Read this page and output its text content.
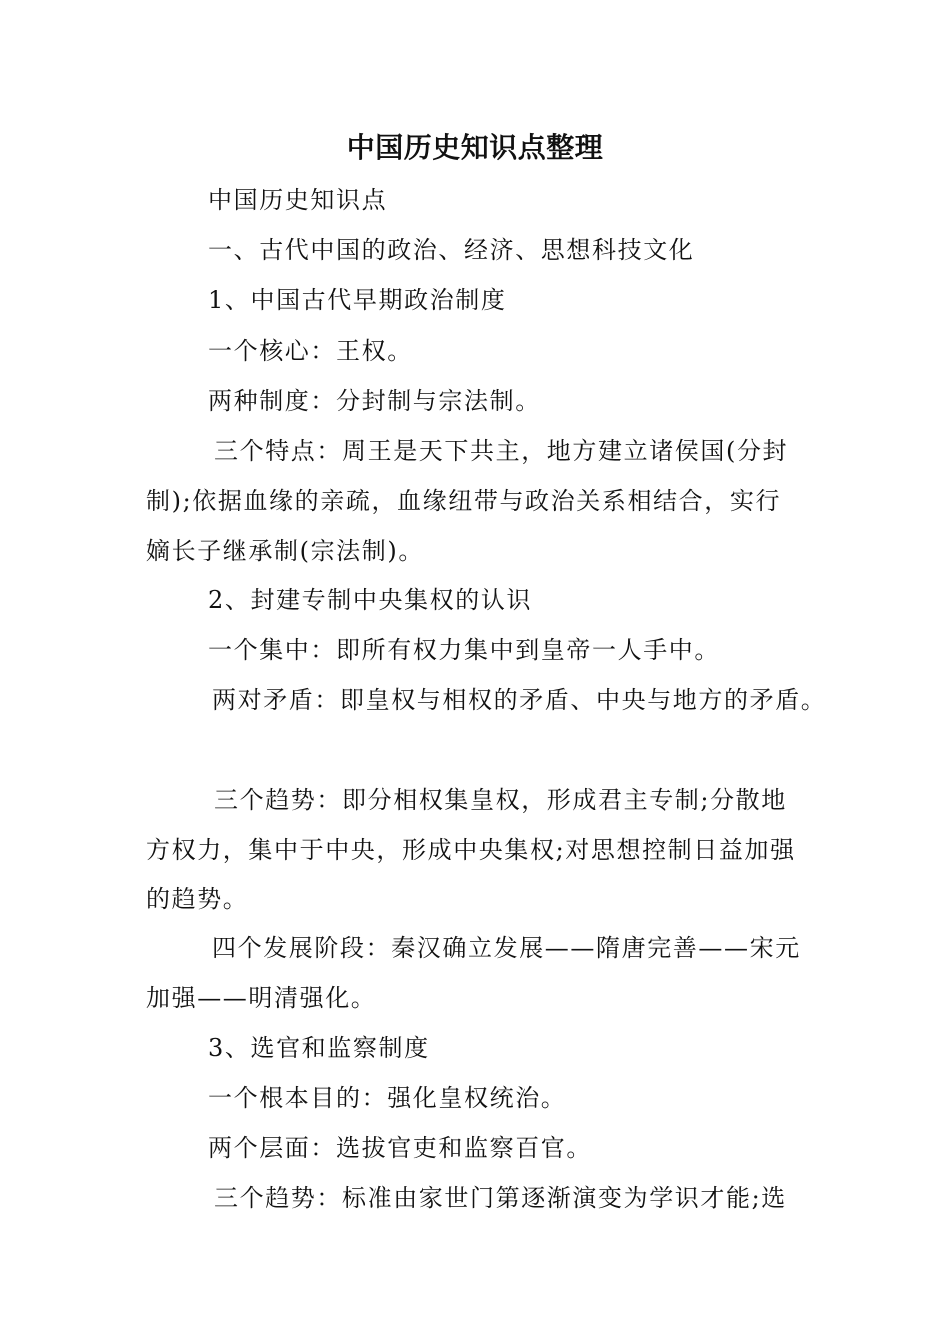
中国历史知识点整理
中国历史知识点
一、古代中国的政治、经济、思想科技文化
1、中国古代早期政治制度
一个核心：王权。
两种制度：分封制与宗法制。
三个特点：周王是天下共主，地方建立诸侯国(分封
制);依据血缘的亲疏，血缘纽带与政治关系相结合，实行
嫡长子继承制(宗法制)。
2、封建专制中央集权的认识
一个集中：即所有权力集中到皇帝一人手中。
两对矛盾：即皇权与相权的矛盾、中央与地方的矛盾。
三个趋势：即分相权集皇权，形成君主专制;分散地
方权力，集中于中央，形成中央集权;对思想控制日益加强
的趋势。
四个发展阶段：秦汉确立发展——隋唐完善——宋元
加强——明清强化。
3、选官和监察制度
一个根本目的：强化皇权统治。
两个层面：选拔官吏和监察百官。
三个趋势：标准由家世门第逐渐演变为学识才能;选
